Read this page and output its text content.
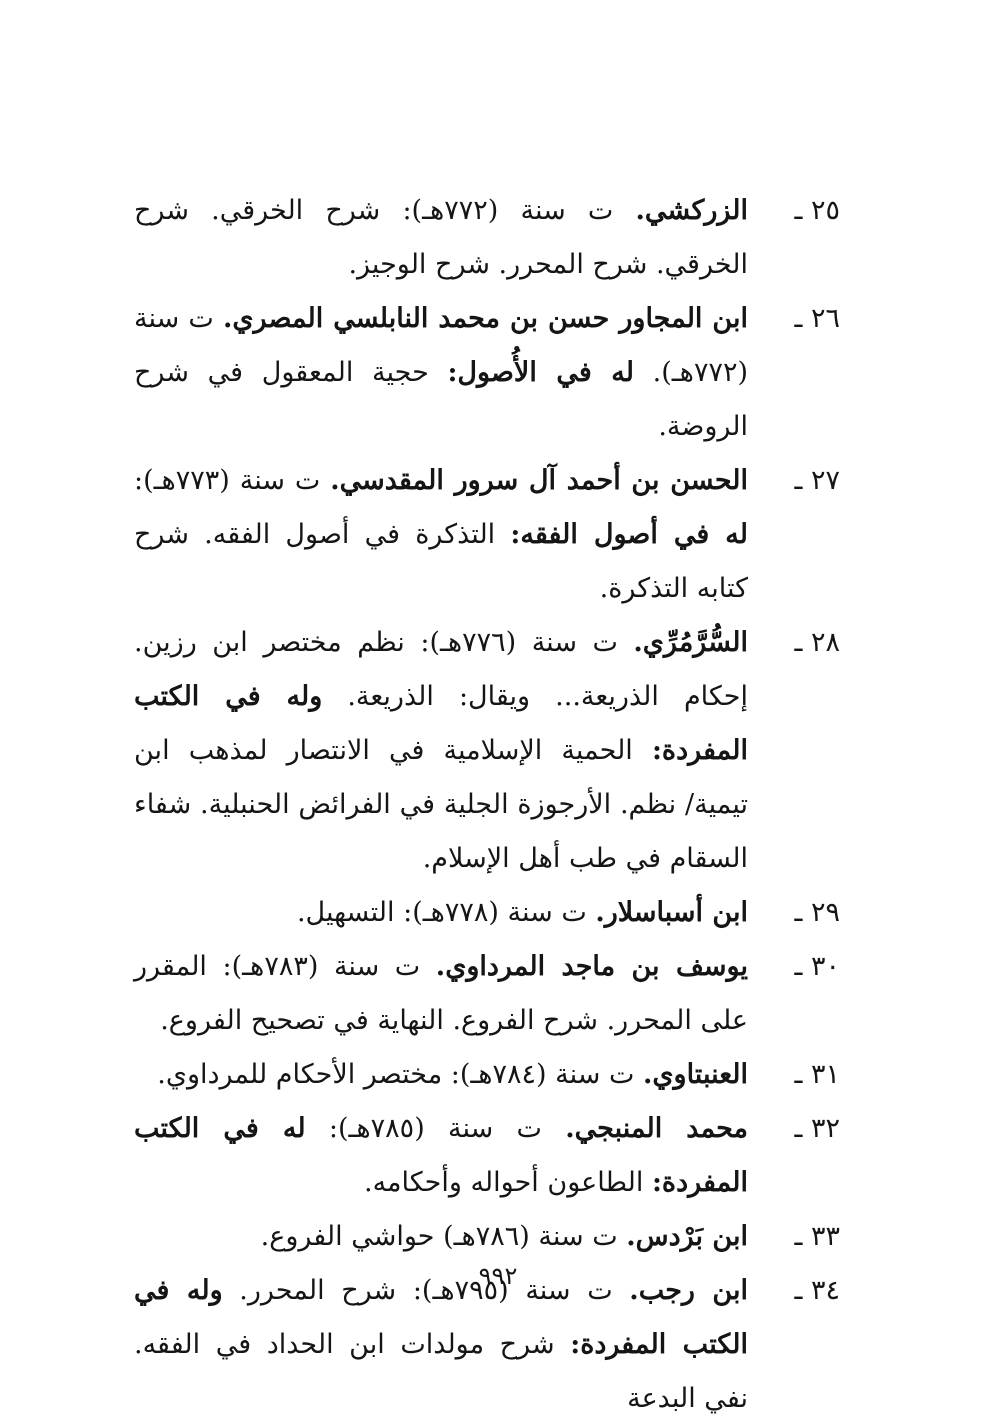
٢٥ ـ
الزركشي. ت سنة (٧٧٢هـ): شرح الخرقي. شرح الخرقي. شرح المحرر. شرح الوجيز.
٢٦ ـ
ابن المجاور حسن بن محمد النابلسي المصري. ت سنة (٧٧٢هـ). له في الأُصول: حجية المعقول في شرح الروضة.
٢٧ ـ
الحسن بن أحمد آل سرور المقدسي. ت سنة (٧٧٣هـ): له في أصول الفقه: التذكرة في أصول الفقه. شرح كتابه التذكرة.
٢٨ ـ
السُّرَّمُرِّي. ت سنة (٧٧٦هـ): نظم مختصر ابن رزين. إحكام الذريعة... ويقال: الذريعة. وله في الكتب المفردة: الحمية الإسلامية في الانتصار لمذهب ابن تيمية/ نظم. الأرجوزة الجلية في الفرائض الحنبلية. شفاء السقام في طب أهل الإسلام.
٢٩ ـ
ابن أسباسلار. ت سنة (٧٧٨هـ): التسهيل.
٣٠ ـ
يوسف بن ماجد المرداوي. ت سنة (٧٨٣هـ): المقرر على المحرر. شرح الفروع. النهاية في تصحيح الفروع.
٣١ ـ
العنبتاوي. ت سنة (٧٨٤هـ): مختصر الأحكام للمرداوي.
٣٢ ـ
محمد المنبجي. ت سنة (٧٨٥هـ): له في الكتب المفردة: الطاعون أحواله وأحكامه.
٣٣ ـ
ابن بَرْدس. ت سنة (٧٨٦هـ) حواشي الفروع.
٣٤ ـ
ابن رجب. ت سنة (٧٩٥هـ): شرح المحرر. وله في الكتب المفردة: شرح مولدات ابن الحداد في الفقه. نفي البدعة
٩٩٢
